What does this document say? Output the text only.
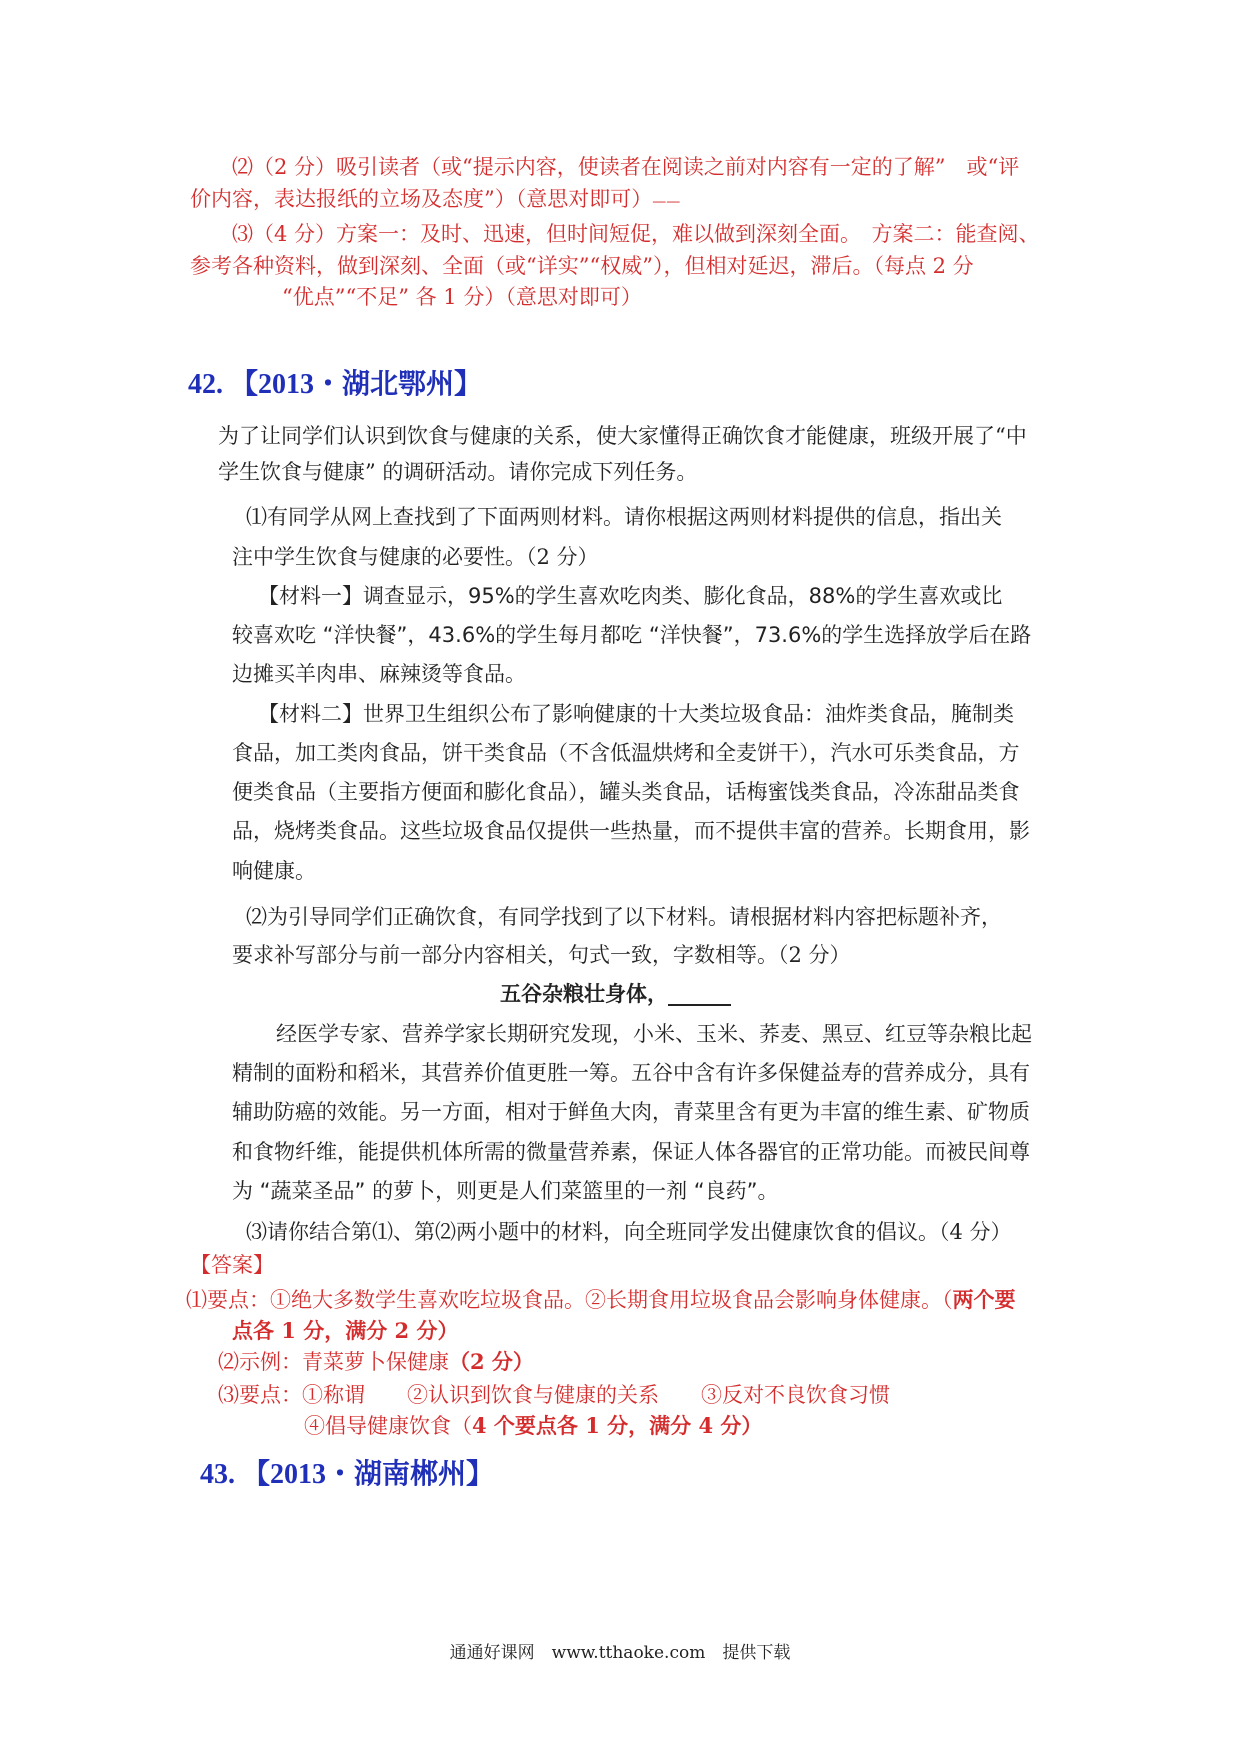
⑵（2 分）吸引读者（或“提示内容，使读者在阅读之前对内容有一定的了解”　或“评
价内容，表达报纸的立场及态度”）（意思对即可）——
⑶（4 分）方案一：及时、迅速，但时间短促，难以做到深刻全面。　方案二：能查阅、
参考各种资料，做到深刻、全面（或“详实”“权威”），但相对延迟，滞后。（每点 2 分
“优点”“不足” 各 1 分）（意思对即可）
42. 【2013・湖北鄂州】
为了让同学们认识到饮食与健康的关系，使大家懂得正确饮食才能健康，班级开展了“中
学生饮食与健康” 的调研活动。请你完成下列任务。
⑴有同学从网上查找到了下面两则材料。请你根据这两则材料提供的信息，指出关
注中学生饮食与健康的必要性。（2 分）
【材料一】调查显示，95%的学生喜欢吃肉类、膨化食品，88%的学生喜欢或比
较喜欢吃 “洋快餐”，43.6%的学生每月都吃 “洋快餐”，73.6%的学生选择放学后在路
边摊买羊肉串、麻辣烫等食品。
【材料二】世界卫生组织公布了影响健康的十大类垃圾食品：油炸类食品，腌制类
食品，加工类肉食品，饼干类食品（不含低温烘烤和全麦饼干），汽水可乐类食品，方
便类食品（主要指方便面和膨化食品），罐头类食品，话梅蜜饯类食品，冷冻甜品类食
品，烧烤类食品。这些垃圾食品仅提供一些热量，而不提供丰富的营养。长期食用，影
响健康。
⑵为引导同学们正确饮食，有同学找到了以下材料。请根据材料内容把标题补齐，
要求补写部分与前一部分内容相关，句式一致，字数相等。（2 分）
五谷杂粮壮身体，______
经医学专家、营养学家长期研究发现，小米、玉米、荞麦、黑豆、红豆等杂粮比起
精制的面粉和稻米，其营养价值更胜一筹。五谷中含有许多保健益寿的营养成分，具有
辅助防癌的效能。另一方面，相对于鲜鱼大肉，青菜里含有更为丰富的维生素、矿物质
和食物纤维，能提供机体所需的微量营养素，保证人体各器官的正常功能。而被民间尊
为 “蔬菜圣品” 的萝卜，则更是人们菜篮里的一剂 “良药”。
⑶请你结合第⑴、第⑵两小题中的材料，向全班同学发出健康饮食的倡议。（4 分）
【答案】
⑴要点：①绝大多数学生喜欢吃垃圾食品。②长期食用垃圾食品会影响身体健康。（两个要
点各 1 分，满分 2 分）
⑵示例：青菜萝卜保健康（2 分）
⑶要点：①称谓　　②认识到饮食与健康的关系　　③反对不良饮食习惯
④倡导健康饮食（4 个要点各 1 分，满分 4 分）
43. 【2013・湖南郴州】
通通好课网　www.tthaoke.com　提供下载
